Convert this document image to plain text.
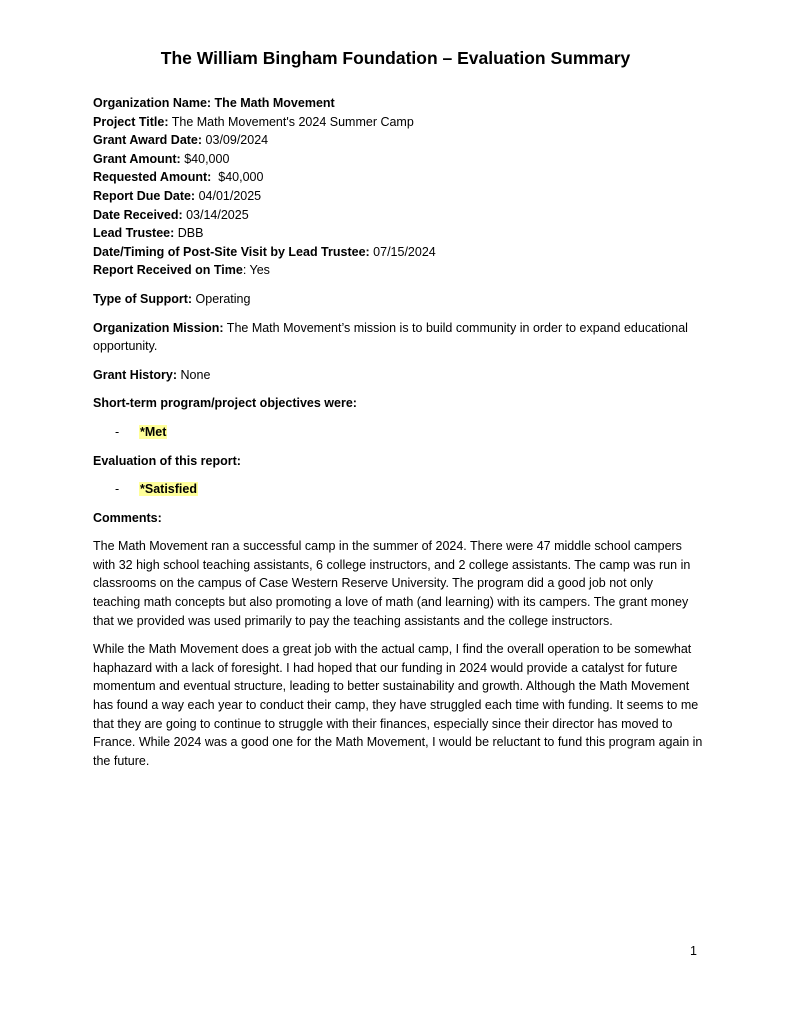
The William Bingham Foundation – Evaluation Summary
Organization Name: The Math Movement
Project Title: The Math Movement's 2024 Summer Camp
Grant Award Date: 03/09/2024
Grant Amount: $40,000
Requested Amount:  $40,000
Report Due Date: 04/01/2025
Date Received: 03/14/2025
Lead Trustee: DBB
Date/Timing of Post-Site Visit by Lead Trustee: 07/15/2024
Report Received on Time: Yes
Type of Support: Operating
Organization Mission: The Math Movement’s mission is to build community in order to expand educational opportunity.
Grant History: None
Short-term program/project objectives were:
- *Met
Evaluation of this report:
- *Satisfied
Comments:
The Math Movement ran a successful camp in the summer of 2024. There were 47 middle school campers with 32 high school teaching assistants, 6 college instructors, and 2 college assistants. The camp was run in classrooms on the campus of Case Western Reserve University. The program did a good job not only teaching math concepts but also promoting a love of math (and learning) with its campers. The grant money that we provided was used primarily to pay the teaching assistants and the college instructors.
While the Math Movement does a great job with the actual camp, I find the overall operation to be somewhat haphazard with a lack of foresight. I had hoped that our funding in 2024 would provide a catalyst for future momentum and eventual structure, leading to better sustainability and growth. Although the Math Movement has found a way each year to conduct their camp, they have struggled each time with funding. It seems to me that they are going to continue to struggle with their finances, especially since their director has moved to France. While 2024 was a good one for the Math Movement, I would be reluctant to fund this program again in the future.
1
